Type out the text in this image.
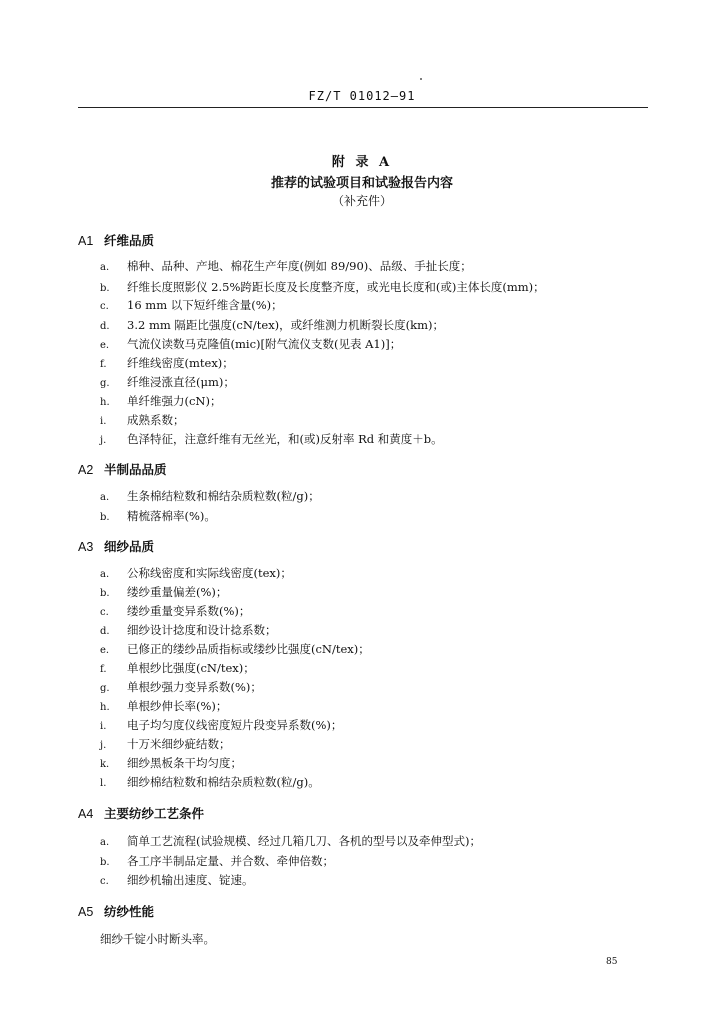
FZ/T 01012—91
附 录 A
推荐的试验项目和试验报告内容
（补充件）
A1 纤维品质
a. 棉种、品种、产地、棉花生产年度(例如 89/90)、品级、手扯长度；
b. 纤维长度照影仪 2.5%跨距长度及长度整齐度，或光电长度和(或)主体长度(mm)；
c. 16 mm 以下短纤维含量(%)；
d. 3.2 mm 隔距比强度(cN/tex)，或纤维测力机断裂长度(km)；
e. 气流仪读数马克隆值(mic)[附气流仪支数(见表 A1)]；
f. 纤维线密度(mtex)；
g. 纤维浸涨直径(μm)；
h. 单纤维强力(cN)；
i. 成熟系数；
j. 色泽特征，注意纤维有无丝光，和(或)反射率 Rd 和黄度＋b。
A2 半制品品质
a. 生条棉结粒数和棉结杂质粒数(粒/g)；
b. 精梳落棉率(%)。
A3 细纱品质
a. 公称线密度和实际线密度(tex)；
b. 缕纱重量偏差(%)；
c. 缕纱重量变异系数(%)；
d. 细纱设计捻度和设计捻系数；
e. 已修正的缕纱品质指标或缕纱比强度(cN/tex)；
f. 单根纱比强度(cN/tex)；
g. 单根纱强力变异系数(%)；
h. 单根纱伸长率(%)；
i. 电子均匀度仪线密度短片段变异系数(%)；
j. 十万米细纱疵结数；
k. 细纱黑板条干均匀度；
l. 细纱棉结粒数和棉结杂质粒数(粒/g)。
A4 主要纺纱工艺条件
a. 简单工艺流程(试验规模、经过几箱几刀、各机的型号以及牵伸型式)；
b. 各工序半制品定量、并合数、牵伸倍数；
c. 细纱机输出速度、锭速。
A5 纺纱性能
细纱千锭小时断头率。
85
